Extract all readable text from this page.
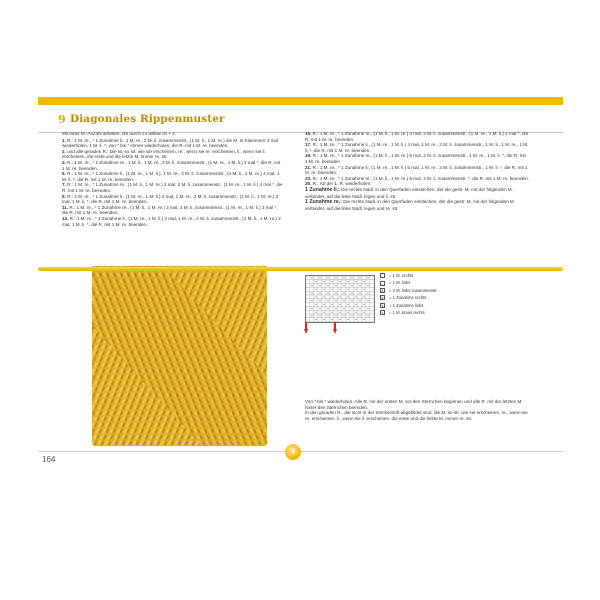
9 Diagonales Rippenmuster

Mit einer M.-Anzahl arbeiten, die durch 14 teilbar ist + 2.

1. R.: 1 M. re., * 1 Zunahme li., 1 M. re., 2 M. li. zusammenstr., (1 M. li., 1 M. re.) die M. in Klammern 4 mal wiederholen, 1 M. li. *, von * bis * immer wiederholen, die R. mit 1 M. re. beenden.

2. und alle geraden R.: Die M. so str. wie sie erscheinen, re., wenn sie re. erscheinen, li., wenn sie li. erscheinen, die erste und die letzte M. immer re. str.

3. R.: 1 M. re., * 1 Zunahme re., 1 M. li., 1 M. re., 2 M. li. zusammenstr., (1 M. re., 1 M. li.) 3 mal *, die R. mit 1 M. re. beenden.

5. R.: 1 M. re., * 1 Zunahme li., (1 M. re., 1 M. li.), 1 M. re., 2 M. li. zusammenstr., (1 M. li., 1 M. re.) 4 mal, 1 M. li. *, die R. mit 1 M. re. beenden.

7. R.: 1 M. re., * 1 Zunahme re., (1 M. li., 1 M. re.) 2 mal, 2 M. li. zusammenstr., (1 M. re., 1 M. li.) 4 mal *, die R. mit 1 M. re. beenden.

9. R.: 1 M. re., * 1 Zunahme li., (1 M. re., 1 M. li.) 2 mal, 1 M. re., 2 M. li. zusammenstr., (1 M. li., 1 M. re.) 3 mal, 1 M. li. *, die R. mit 1 M. re. beenden.

11. R.: 1 M. re., * 1 Zunahme re., (1 M. li., 1 M. re.) 3 mal, 2 M. li. zusammenstr., (1 M. re., 1 M. li.) 3 mal *, die R. mit 1 M. re. beenden.

13. R.: 1 M. re., * 1 Zunahme li., (1 M. re., 1 M. li.) 3 mal, 1 M. re., 2 M. li. zusammenstr., (1 M. li., 1 M. re.) 2 mal, 1 M. li. *, die R. mit 1 M. re. beenden.

15. R.: 1 M. re., * 1 Zunahme re., (1 M. li., 1 M. re.) 4 mal, 2 M. li. zusammenstr., (1 M. re., 1 M. li.) 2 mal *, die R. mit 1 M. re. beenden.

17. R.: 1 M. re., * 1 Zunahme li., (1 M. re., 1 M. li.) 4 mal, 1 M. re., 2 M. li. zusammenstr., 1 M. li., 1 M. re., 1 M. li. *, die R. mit 1 M. re. beenden.

19. R.: 1 M. re., * 1 Zunahme re., (1 M. li., 1 M. re.) 5 mal, 2 M. li. zusammenstr., 1 M. re., 1 M. li. *, die R. mit 1 M. re. beenden.

21. R.: 1 M. re., * 1 Zunahme li., (1 M. re., 1 M. li.) 5 mal, 1 M. re., 2 M. li. zusammenstr., 1 M. li. *, die R. mit 1 M. re. beenden.

23. R.: 1 M. re., * 1 Zunahme re., (1 M. li., 1 M. re.) 6 mal, 2 M. li. zusammenstr. *, die R. mit 1 M. re. beenden.

25. R.: Ab der 1. R. wiederholen.

1 Zunahme li.: Die rechte Nadl. in den Querfaden einstechen, der die gestr. M. mit der folgenden M. verbindet, auf die linke Nadl. legen und li. str.

1 Zunahme re.: Die rechte Nadl. in den Querfaden einstechen, der die gestr. M. mit der folgenden M. verbindet, auf die linke Nadl. legen und re. str.

= 1 M. rechts
–	= 1 M. links
∧ = 2 M. links zusammenstr.
∨ = 1 Zunahme rechts
∨ = 1 Zunahme links
×	= 1 M. kraus rechts

Von * bis * wiederholen. Alle R. mit der ersten M. vor den Sternchen beginnen und alle R. mit der letzten M. hinter den Sternchen beenden.

In den geraden R., die nicht in der Strickschrift abgebildet sind, die M. so str. wie sie erscheinen, re., wenn sie re. erscheinen, li., wenn sie li. erscheinen, die erste und die letzte M. immer re. str.

164
9
